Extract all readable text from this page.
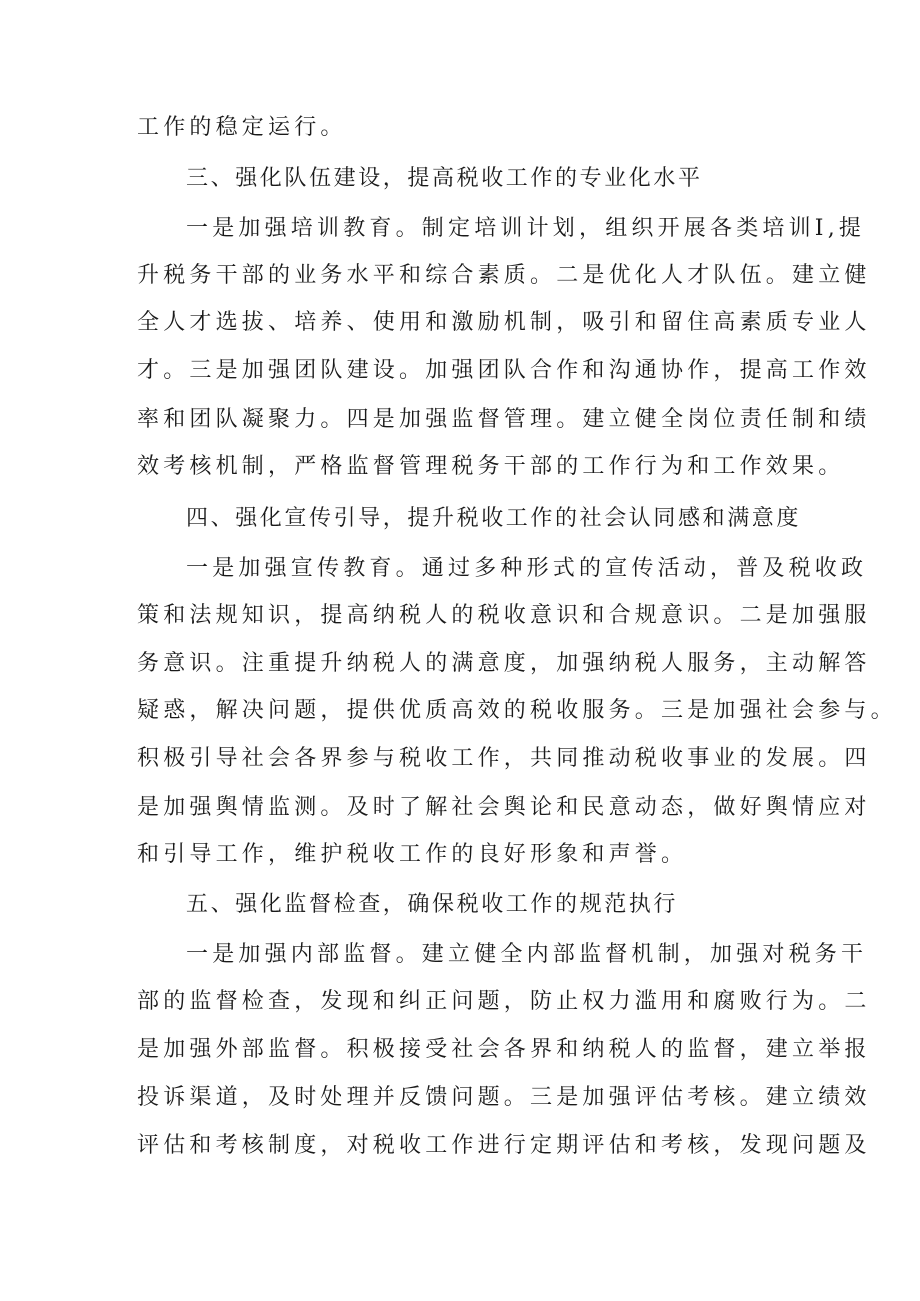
工作的稳定运行。
三、强化队伍建设，提高税收工作的专业化水平
一是加强培训教育。制定培训计划，组织开展各类培训I,提
升税务干部的业务水平和综合素质。二是优化人才队伍。建立健
全人才选拔、培养、使用和激励机制，吸引和留住高素质专业人
才。三是加强团队建设。加强团队合作和沟通协作，提高工作效
率和团队凝聚力。四是加强监督管理。建立健全岗位责任制和绩
效考核机制，严格监督管理税务干部的工作行为和工作效果。
四、强化宣传引导，提升税收工作的社会认同感和满意度
一是加强宣传教育。通过多种形式的宣传活动，普及税收政
策和法规知识，提高纳税人的税收意识和合规意识。二是加强服
务意识。注重提升纳税人的满意度，加强纳税人服务，主动解答
疑惑，解决问题，提供优质高效的税收服务。三是加强社会参与。
积极引导社会各界参与税收工作，共同推动税收事业的发展。四
是加强舆情监测。及时了解社会舆论和民意动态，做好舆情应对
和引导工作，维护税收工作的良好形象和声誉。
五、强化监督检查，确保税收工作的规范执行
一是加强内部监督。建立健全内部监督机制，加强对税务干
部的监督检查，发现和纠正问题，防止权力滥用和腐败行为。二
是加强外部监督。积极接受社会各界和纳税人的监督，建立举报
投诉渠道，及时处理并反馈问题。三是加强评估考核。建立绩效
评估和考核制度，对税收工作进行定期评估和考核，发现问题及
